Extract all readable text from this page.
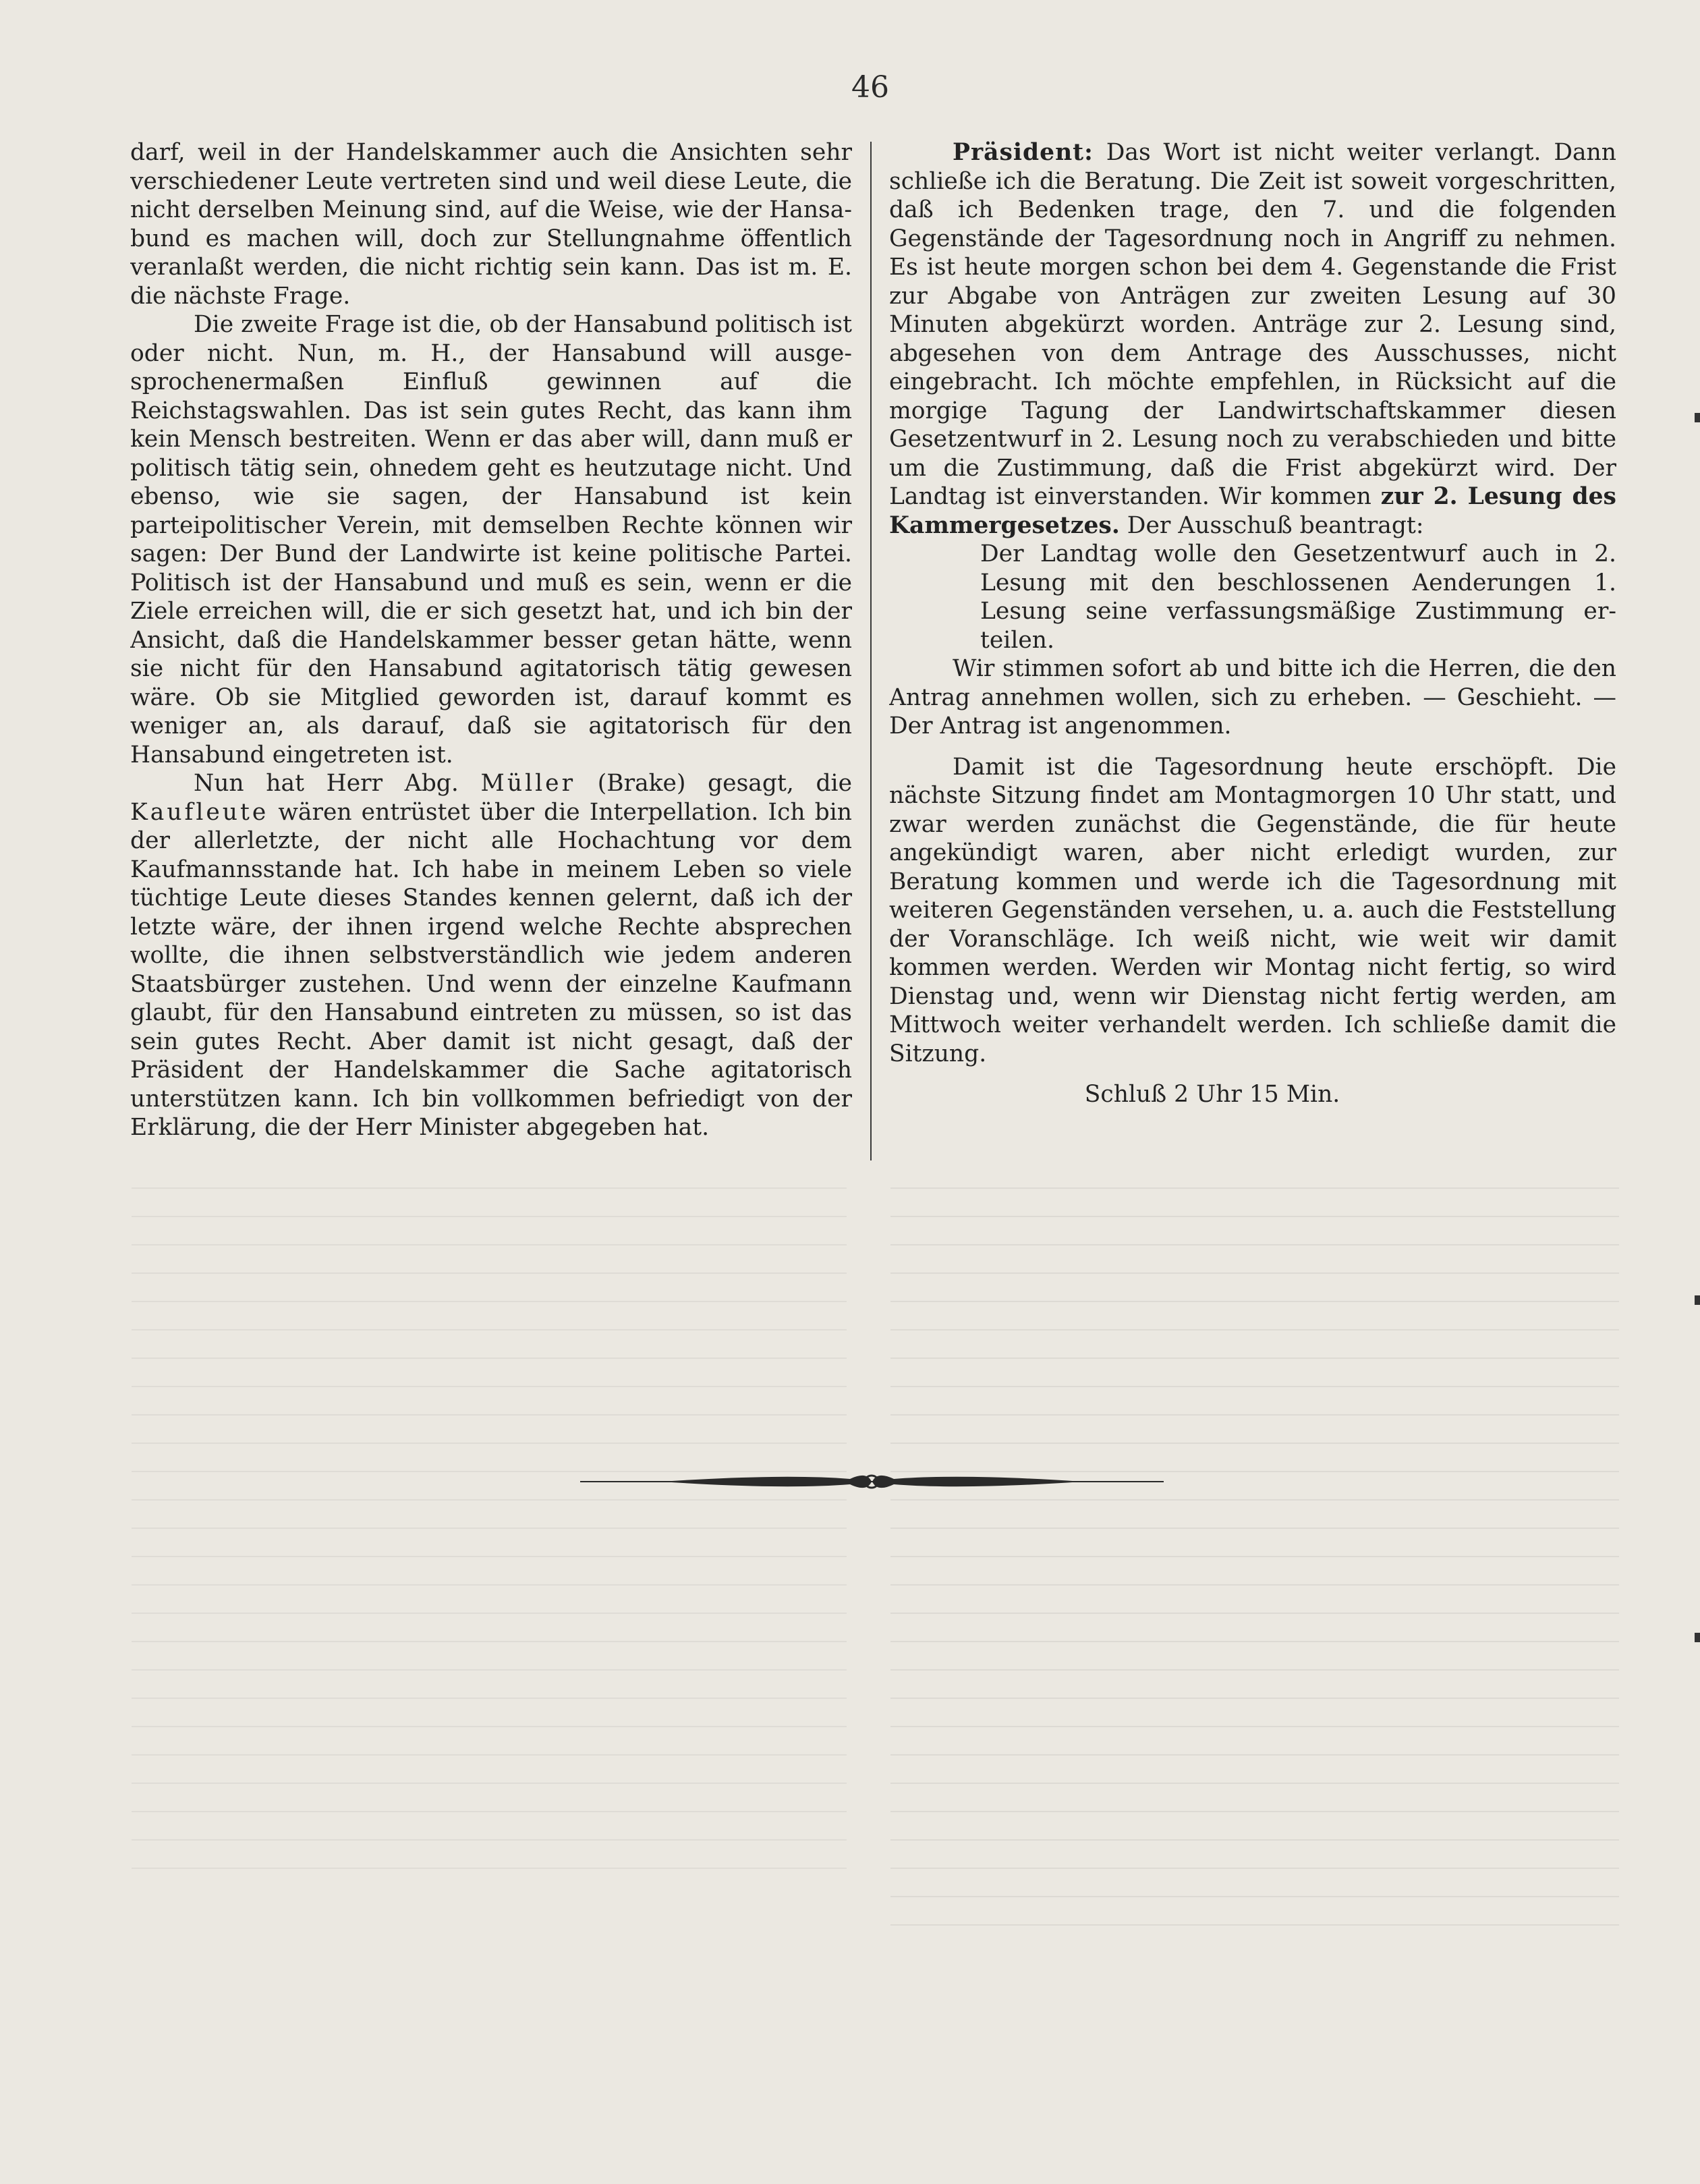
46

darf, weil in der Handelskammer auch die Ansichten sehr verschiedener Leute vertreten sind und weil diese Leute, die nicht derselben Meinung sind, auf die Weise, wie der Hansabund es machen will, doch zur Stellungnahme öffentlich veranlaßt werden, die nicht richtig sein kann. Das ist m. E. die nächste Frage.

Die zweite Frage ist die, ob der Hansabund politisch ist oder nicht. Nun, m. H., der Hansabund will ausgesprochenermaßen Einfluß gewinnen auf die Reichstagswahlen. Das ist sein gutes Recht, das kann ihm kein Mensch bestreiten. Wenn er das aber will, dann muß er politisch tätig sein, ohnedem geht es heutzutage nicht. Und ebenso, wie sie sagen, der Hansabund ist kein parteipolitischer Verein, mit demselben Rechte können wir sagen: Der Bund der Landwirte ist keine politische Partei. Politisch ist der Hansabund und muß es sein, wenn er die Ziele erreichen will, die er sich gesetzt hat, und ich bin der Ansicht, daß die Handelskammer besser getan hätte, wenn sie nicht für den Hansabund agitatorisch tätig gewesen wäre. Ob sie Mitglied geworden ist, darauf kommt es weniger an, als darauf, daß sie agitatorisch für den Hansabund eingetreten ist.

Nun hat Herr Abg. Müller (Brake) gesagt, die Kaufleute wären entrüstet über die Interpellation. Ich bin der allerletzte, der nicht alle Hochachtung vor dem Kaufmannsstande hat. Ich habe in meinem Leben so viele tüchtige Leute dieses Standes kennen gelernt, daß ich der letzte wäre, der ihnen irgend welche Rechte absprechen wollte, die ihnen selbstverständlich wie jedem anderen Staatsbürger zustehen. Und wenn der einzelne Kaufmann glaubt, für den Hansabund eintreten zu müssen, so ist das sein gutes Recht. Aber damit ist nicht gesagt, daß der Präsident der Handelskammer die Sache agitatorisch unterstützen kann. Ich bin vollkommen befriedigt von der Erklärung, die der Herr Minister abgegeben hat.

Präsident: Das Wort ist nicht weiter verlangt. Dann schließe ich die Beratung. Die Zeit ist soweit vorgeschritten, daß ich Bedenken trage, den 7. und die folgenden Gegenstände der Tagesordnung noch in Angriff zu nehmen. Es ist heute morgen schon bei dem 4. Gegenstande die Frist zur Abgabe von Anträgen zur zweiten Lesung auf 30 Minuten abgekürzt worden. Anträge zur 2. Lesung sind, abgesehen von dem Antrage des Ausschusses, nicht eingebracht. Ich möchte empfehlen, in Rücksicht auf die morgige Tagung der Landwirtschaftskammer diesen Gesetzentwurf in 2. Lesung noch zu verabschieden und bitte um die Zustimmung, daß die Frist abgekürzt wird. Der Landtag ist einverstanden. Wir kommen zur 2. Lesung des Kammergesetzes. Der Ausschuß beantragt:

Der Landtag wolle den Gesetzentwurf auch in 2. Lesung mit den beschlossenen Aenderungen 1. Lesung seine verfassungsmäßige Zustimmung erteilen.

Wir stimmen sofort ab und bitte ich die Herren, die den Antrag annehmen wollen, sich zu erheben. — Geschieht. — Der Antrag ist angenommen.

Damit ist die Tagesordnung heute erschöpft. Die nächste Sitzung findet am Montagmorgen 10 Uhr statt, und zwar werden zunächst die Gegenstände, die für heute angekündigt waren, aber nicht erledigt wurden, zur Beratung kommen und werde ich die Tagesordnung mit weiteren Gegenständen versehen, u. a. auch die Feststellung der Voranschläge. Ich weiß nicht, wie weit wir damit kommen werden. Werden wir Montag nicht fertig, so wird Dienstag und, wenn wir Dienstag nicht fertig werden, am Mittwoch weiter verhandelt werden. Ich schließe damit die Sitzung.

Schluß 2 Uhr 15 Min.
